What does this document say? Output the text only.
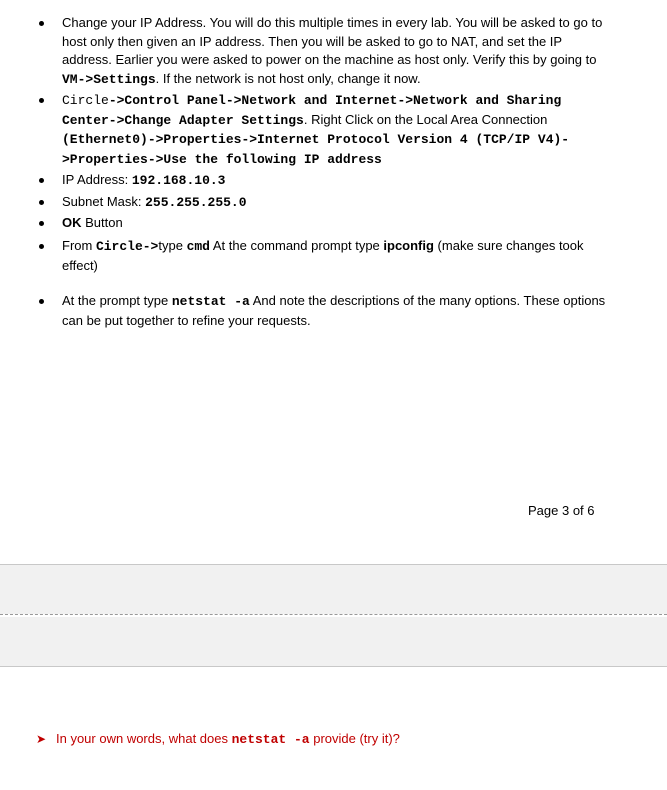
Change your IP Address. You will do this multiple times in every lab. You will be asked to go to host only then given an IP address. Then you will be asked to go to NAT, and set the IP address. Earlier you were asked to power on the machine as host only. Verify this by going to VM->Settings. If the network is not host only, change it now.
Circle->Control Panel->Network and Internet->Network and Sharing Center->Change Adapter Settings. Right Click on the Local Area Connection (Ethernet0)->Properties->Internet Protocol Version 4 (TCP/IP V4)->Properties->Use the following IP address
IP Address: 192.168.10.3
Subnet Mask: 255.255.255.0
OK Button
From Circle->type cmd At the command prompt type ipconfig (make sure changes took effect)
At the prompt type netstat -a And note the descriptions of the many options. These options can be put together to refine your requests.
Page 3 of 6
➤ In your own words, what does netstat -a provide (try it)?
